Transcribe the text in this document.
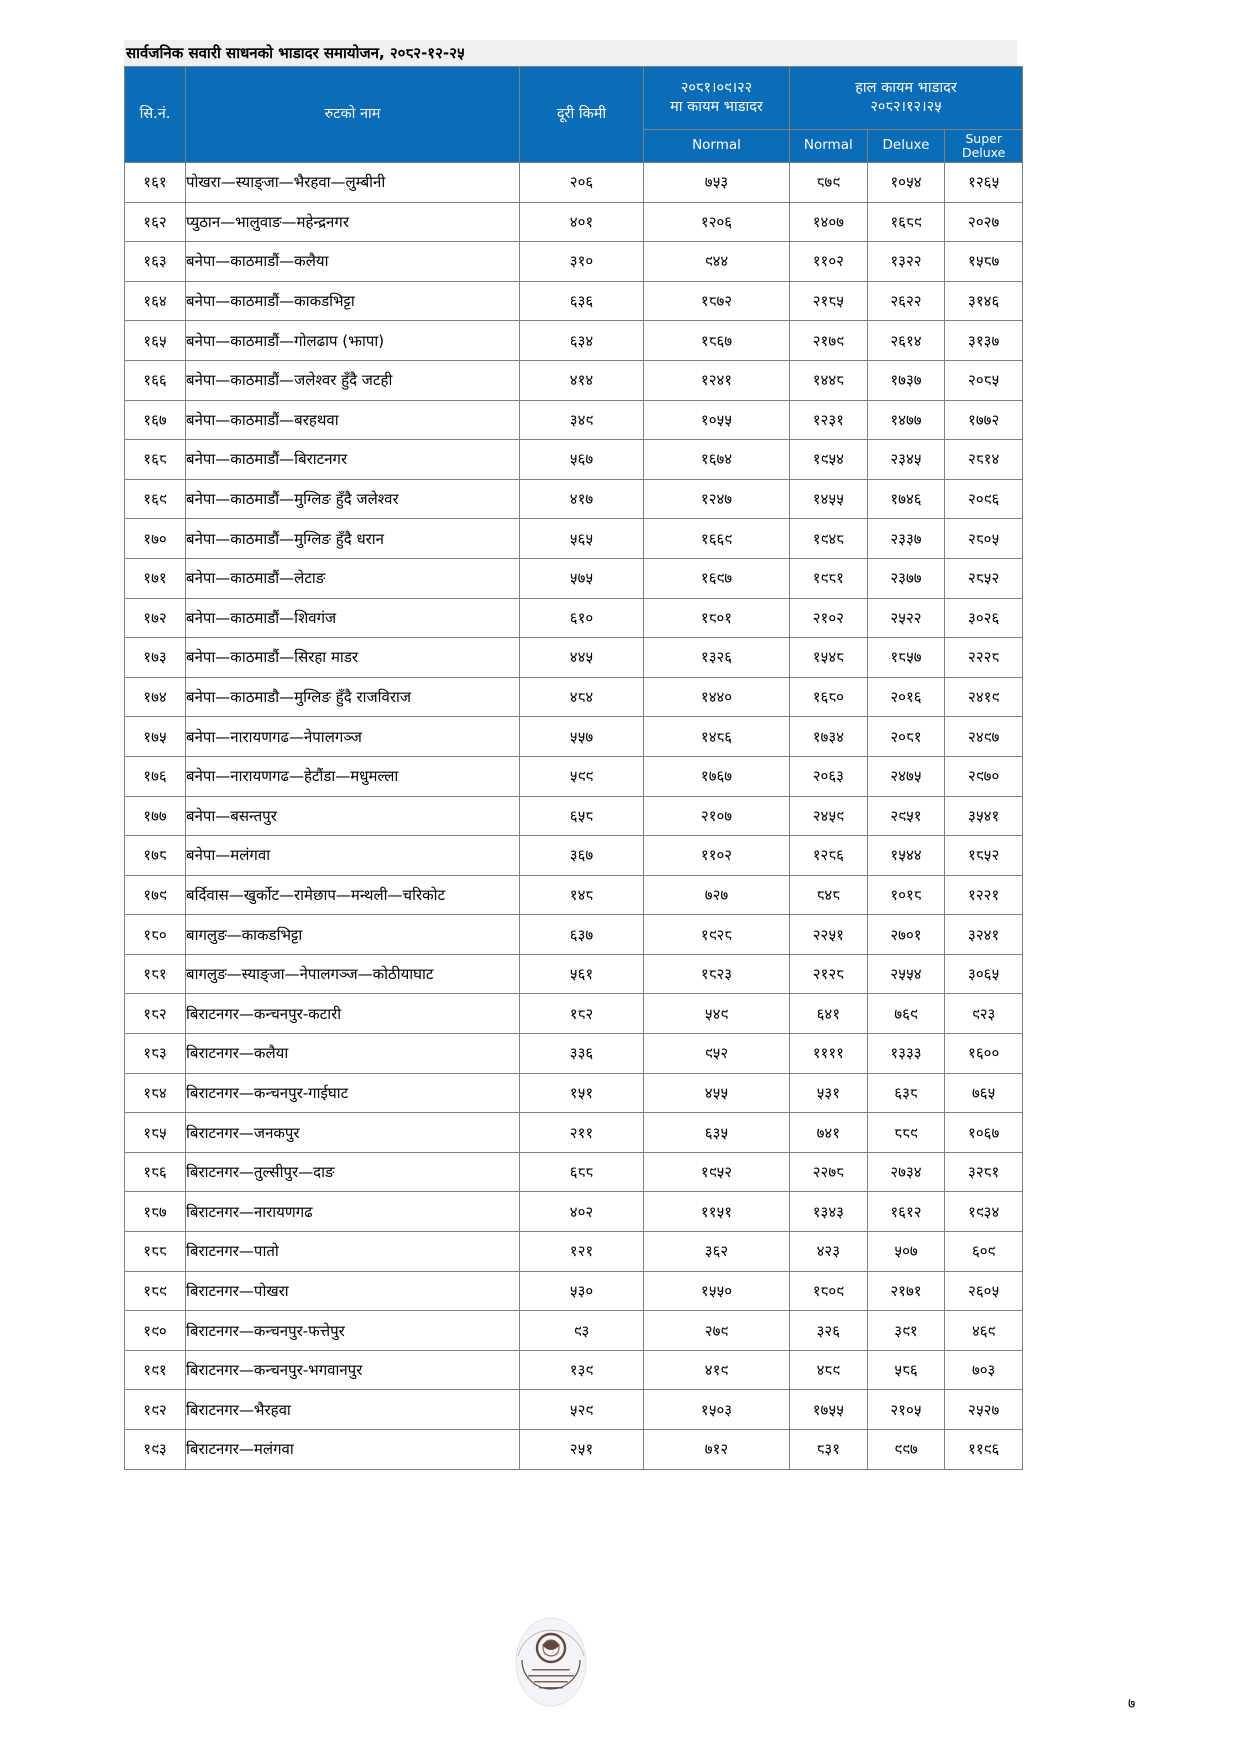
सार्वजनिक सवारी साधनको भाडादर समायोजन, २०८२-१२-२५
सि.नं.	रुटको नाम	दूरी किमी	२०८१।०९।२२
मा कायम भाडादर	हाल कायम भाडादर
२०८२।१२।२५		

			Normal	Normal	Deluxe	Super Deluxe
१६१	पोखरा—स्याङ्जा—भैरहवा—लुम्बीनी	२०६	७५३	८७९	१०५४	१२६५
१६२	प्युठान—भालुवाङ—महेन्द्रनगर	४०१	१२०६	१४०७	१६८९	२०२७
१६३	बनेपा—काठमाडौं—कलैया	३१०	९४४	११०२	१३२२	१५८७
१६४	बनेपा—काठमाडौं—काकडभिट्टा	६३६	१८७२	२१८५	२६२२	३१४६
१६५	बनेपा—काठमाडौं—गोलढाप (झापा)	६३४	१८६७	२१७९	२६१४	३१३७
१६६	बनेपा—काठमाडौं—जलेश्वर हुँदै जटही	४१४	१२४१	१४४८	१७३७	२०८५
१६७	बनेपा—काठमाडौं—बरहथवा	३४९	१०५५	१२३१	१४७७	१७७२
१६८	बनेपा—काठमाडौं—बिराटनगर	५६७	१६७४	१९५४	२३४५	२८१४
१६९	बनेपा—काठमाडौं—मुग्लिङ हुँदै जलेश्वर	४१७	१२४७	१४५५	१७४६	२०९६
१७०	बनेपा—काठमाडौं—मुग्लिङ हुँदै धरान	५६५	१६६९	१९४८	२३३७	२८०५
१७१	बनेपा—काठमाडौं—लेटाङ	५७५	१६९७	१९८१	२३७७	२८५२
१७२	बनेपा—काठमाडौं—शिवगंज	६१०	१८०१	२१०२	२५२२	३०२६
१७३	बनेपा—काठमाडौं—सिरहा माडर	४४५	१३२६	१५४८	१८५७	२२२८
१७४	बनेपा—काठमाडौ—मुग्लिङ हुँदै राजविराज	४८४	१४४०	१६८०	२०१६	२४१९
१७५	बनेपा—नारायणगढ—नेपालगञ्ज	५५७	१४८६	१७३४	२०८१	२४९७
१७६	बनेपा—नारायणगढ—हेटौंडा—मधुमल्ला	५९९	१७६७	२०६३	२४७५	२९७०
१७७	बनेपा—बसन्तपुर	६५८	२१०७	२४५९	२९५१	३५४१
१७८	बनेपा—मलंगवा	३६७	११०२	१२८६	१५४४	१८५२
१७९	बर्दिवास—खुर्कोट—रामेछाप—मन्थली—चरिकोट	१४८	७२७	८४८	१०१८	१२२१
१८०	बागलुङ—काकडभिट्टा	६३७	१९२८	२२५१	२७०१	३२४१
१८१	बागलुङ—स्याङ्जा—नेपालगञ्ज—कोठीयाघाट	५६१	१८२३	२१२८	२५५४	३०६५
१८२	बिराटनगर—कन्चनपुर-कटारी	१८२	५४९	६४१	७६९	९२३
१८३	बिराटनगर—कलैया	३३६	९५२	११११	१३३३	१६००
१८४	बिराटनगर—कन्चनपुर-गाईघाट	१५१	४५५	५३१	६३८	७६५
१८५	बिराटनगर—जनकपुर	२११	६३५	७४१	८८९	१०६७
१८६	बिराटनगर—तुल्सीपुर—दाङ	६८८	१९५२	२२७८	२७३४	३२८१
१८७	बिराटनगर—नारायणगढ	४०२	११५१	१३४३	१६१२	१९३४
१८८	बिराटनगर—पातो	१२१	३६२	४२३	५०७	६०९
१८९	बिराटनगर—पोखरा	५३०	१५५०	१८०९	२१७१	२६०५
१९०	बिराटनगर—कन्चनपुर-फत्तेपुर	९३	२७९	३२६	३९१	४६९
१९१	बिराटनगर—कन्चनपुर-भगवानपुर	१३९	४१९	४८९	५८६	७०३
१९२	बिराटनगर—भैरहवा	५२९	१५०३	१७५५	२१०५	२५२७
१९३	बिराटनगर—मलंगवा	२५१	७१२	८३१	९९७	११९६
७
